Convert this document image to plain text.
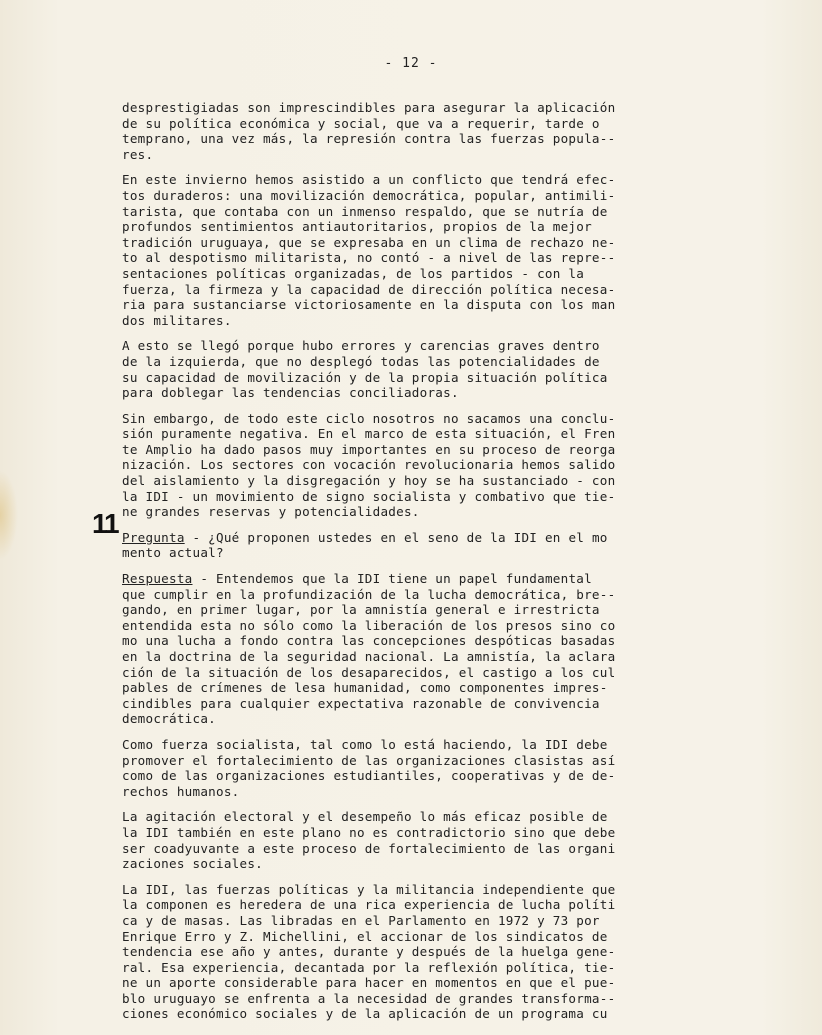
- 12 -
11
desprestigiadas son imprescindibles para asegurar la aplicación
de su política económica y social, que va a requerir, tarde o
temprano, una vez más, la represión contra las fuerzas popula--
res.
En este invierno hemos asistido a un conflicto que tendrá efec-
tos duraderos: una movilización democrática, popular, antimili-
tarista, que contaba con un inmenso respaldo, que se nutría de
profundos sentimientos antiautoritarios, propios de la mejor
tradición uruguaya, que se expresaba en un clima de rechazo ne-
to al despotismo militarista, no contó - a nivel de las repre--
sentaciones políticas organizadas, de los partidos - con la
fuerza, la firmeza y la capacidad de dirección política necesa-
ria para sustanciarse victoriosamente en la disputa con los man
dos militares.
A esto se llegó porque hubo errores y carencias graves dentro
de la izquierda, que no desplegó todas las potencialidades de
su capacidad de movilización y de la propia situación política
para doblegar las tendencias conciliadoras.
Sin embargo, de todo este ciclo nosotros no sacamos una conclu-
sión puramente negativa. En el marco de esta situación, el Fren
te Amplio ha dado pasos muy importantes en su proceso de reorga
nización. Los sectores con vocación revolucionaria hemos salido
del aislamiento y la disgregación y hoy se ha sustanciado - con
la IDI - un movimiento de signo socialista y combativo que tie-
ne grandes reservas y potencialidades.
Pregunta - ¿Qué proponen ustedes en el seno de la IDI en el mo
mento actual?
Respuesta - Entendemos que la IDI tiene un papel fundamental
que cumplir en la profundización de la lucha democrática, bre--
gando, en primer lugar, por la amnistía general e irrestricta
entendida esta no sólo como la liberación de los presos sino co
mo una lucha a fondo contra las concepciones despóticas basadas
en la doctrina de la seguridad nacional. La amnistía, la aclara
ción de la situación de los desaparecidos, el castigo a los cul
pables de crímenes de lesa humanidad, como componentes impres-
cindibles para cualquier expectativa razonable de convivencia
democrática.
Como fuerza socialista, tal como lo está haciendo, la IDI debe
promover el fortalecimiento de las organizaciones clasistas así
como de las organizaciones estudiantiles, cooperativas y de de-
rechos humanos.
La agitación electoral y el desempeño lo más eficaz posible de
la IDI también en este plano no es contradictorio sino que debe
ser coadyuvante a este proceso de fortalecimiento de las organi
zaciones sociales.
La IDI, las fuerzas políticas y la militancia independiente que
la componen es heredera de una rica experiencia de lucha políti
ca y de masas. Las libradas en el Parlamento en 1972 y 73 por
Enrique Erro y Z. Michellini, el accionar de los sindicatos de
tendencia ese año y antes, durante y después de la huelga gene-
ral. Esa experiencia, decantada por la reflexión política, tie-
ne un aporte considerable para hacer en momentos en que el pue-
blo uruguayo se enfrenta a la necesidad de grandes transforma--
ciones económico sociales y de la aplicación de un programa cu
